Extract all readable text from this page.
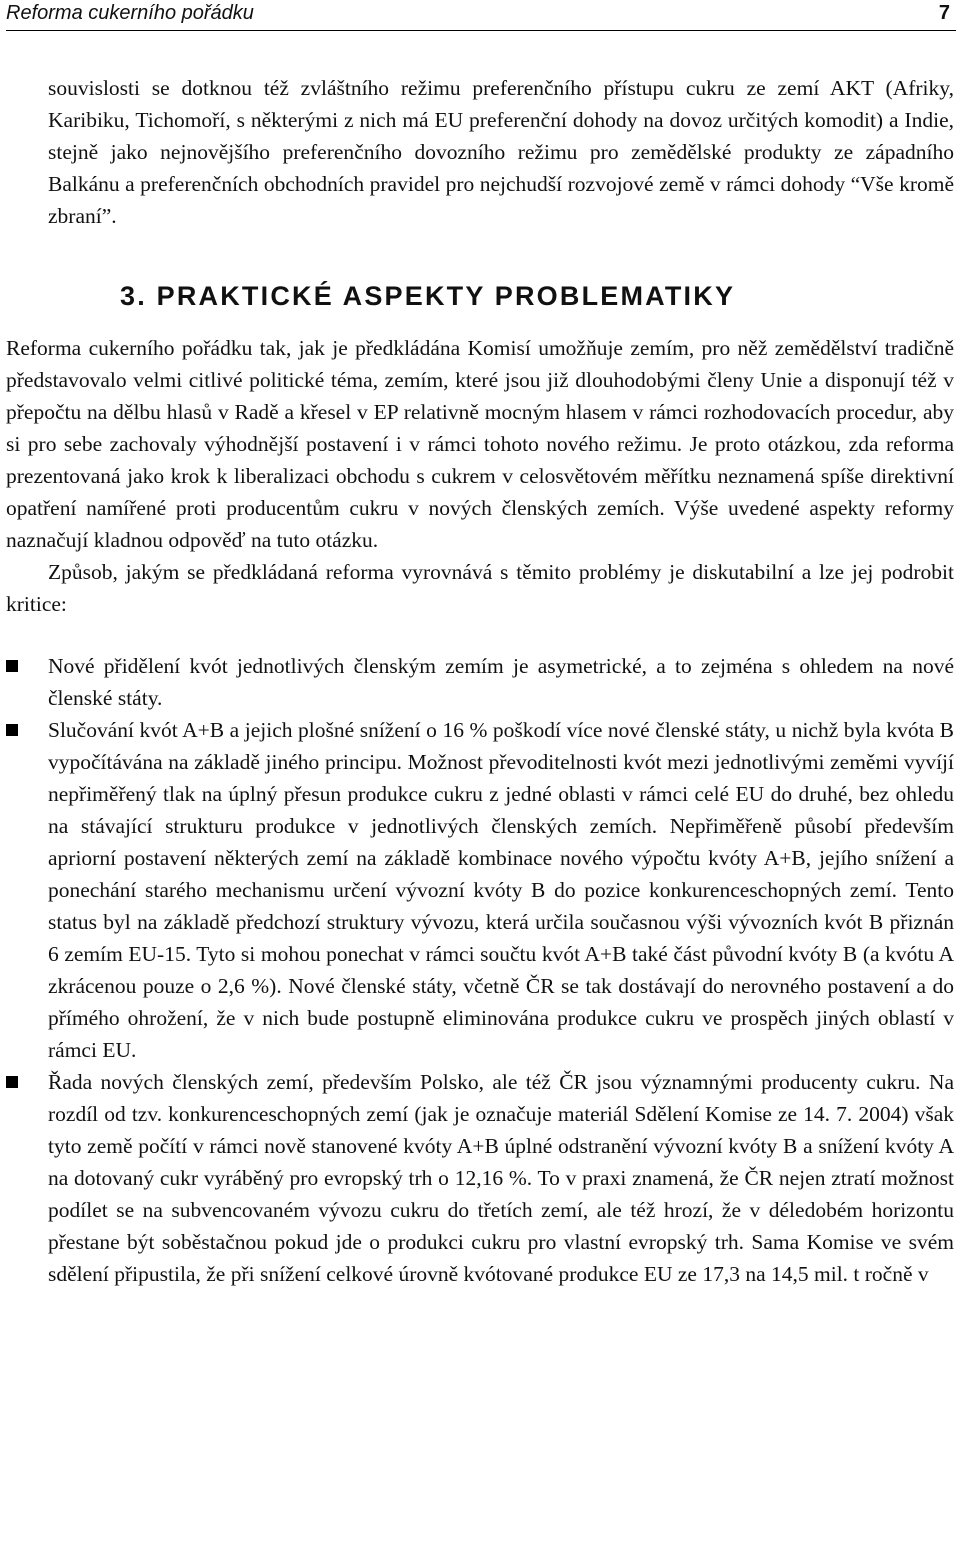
Reforma cukerního pořádku	7

souvislosti se dotknou též zvláštního režimu preferenčního přístupu cukru ze zemí AKT (Afriky, Karibiku, Tichomoří, s některými z nich má EU preferenční dohody na dovoz určitých komodit) a Indie, stejně jako nejnovějšího preferenčního dovozního režimu pro zemědělské produkty ze západního Balkánu a preferenčních obchodních pravidel pro nejchudší rozvojové země v rámci dohody “Vše kromě zbraní”.

3. PRAKTICKÉ ASPEKTY PROBLEMATIKY

Reforma cukerního pořádku tak, jak je předkládána Komisí umožňuje zemím, pro něž zemědělství tradičně představovalo velmi citlivé politické téma, zemím, které jsou již dlouhodobými členy Unie a disponují též v přepočtu na dělbu hlasů v Radě a křesel v EP relativně mocným hlasem v rámci rozhodovacích procedur, aby si pro sebe zachovaly výhodnější postavení i v rámci tohoto nového režimu. Je proto otázkou, zda reforma prezentovaná jako krok k liberalizaci obchodu s cukrem v celosvětovém měřítku neznamená spíše direktivní opatření namířené proti producentům cukru v nových členských zemích. Výše uvedené aspekty reformy naznačují kladnou odpověď na tuto otázku.

Způsob, jakým se předkládaná reforma vyrovnává s těmito problémy je diskutabilní a lze jej podrobit kritice:

Nové přidělení kvót jednotlivých členským zemím je asymetrické, a to zejména s ohledem na nové členské státy.
Slučování kvót A+B a jejich plošné snížení o 16 % poškodí více nové členské státy, u nichž byla kvóta B vypočítávána na základě jiného principu. Možnost převoditelnosti kvót mezi jednotlivými zeměmi vyvíjí nepřiměřený tlak na úplný přesun produkce cukru z jedné oblasti v rámci celé EU do druhé, bez ohledu na stávající strukturu produkce v jednotlivých členských zemích. Nepřiměřeně působí především apriorní postavení některých zemí na základě kombinace nového výpočtu kvóty A+B, jejího snížení a ponechání starého mechanismu určení vývozní kvóty B do pozice konkurenceschopných zemí. Tento status byl na základě předchozí struktury vývozu, která určila současnou výši vývozních kvót B přiznán 6 zemím EU-15. Tyto si mohou ponechat v rámci součtu kvót A+B také část původní kvóty B (a kvótu A zkrácenou pouze o 2,6 %). Nové členské státy, včetně ČR se tak dostávají do nerovného postavení a do přímého ohrožení, že v nich bude postupně eliminována produkce cukru ve prospěch jiných oblastí v rámci EU.
Řada nových členských zemí, především Polsko, ale též ČR jsou významnými producenty cukru. Na rozdíl od tzv. konkurenceschopných zemí (jak je označuje materiál Sdělení Komise ze 14. 7. 2004) však tyto země počítí v rámci nově stanovené kvóty A+B úplné odstranění vývozní kvóty B a snížení kvóty A na dotovaný cukr vyráběný pro evropský trh o 12,16 %. To v praxi znamená, že ČR nejen ztratí možnost podílet se na subvencovaném vývozu cukru do třetích zemí, ale též hrozí, že v déledobém horizontu přestane být soběstačnou pokud jde o produkci cukru pro vlastní evropský trh. Sama Komise ve svém sdělení připustila, že při snížení celkové úrovně kvótované produkce EU ze 17,3 na 14,5 mil. t ročně v
